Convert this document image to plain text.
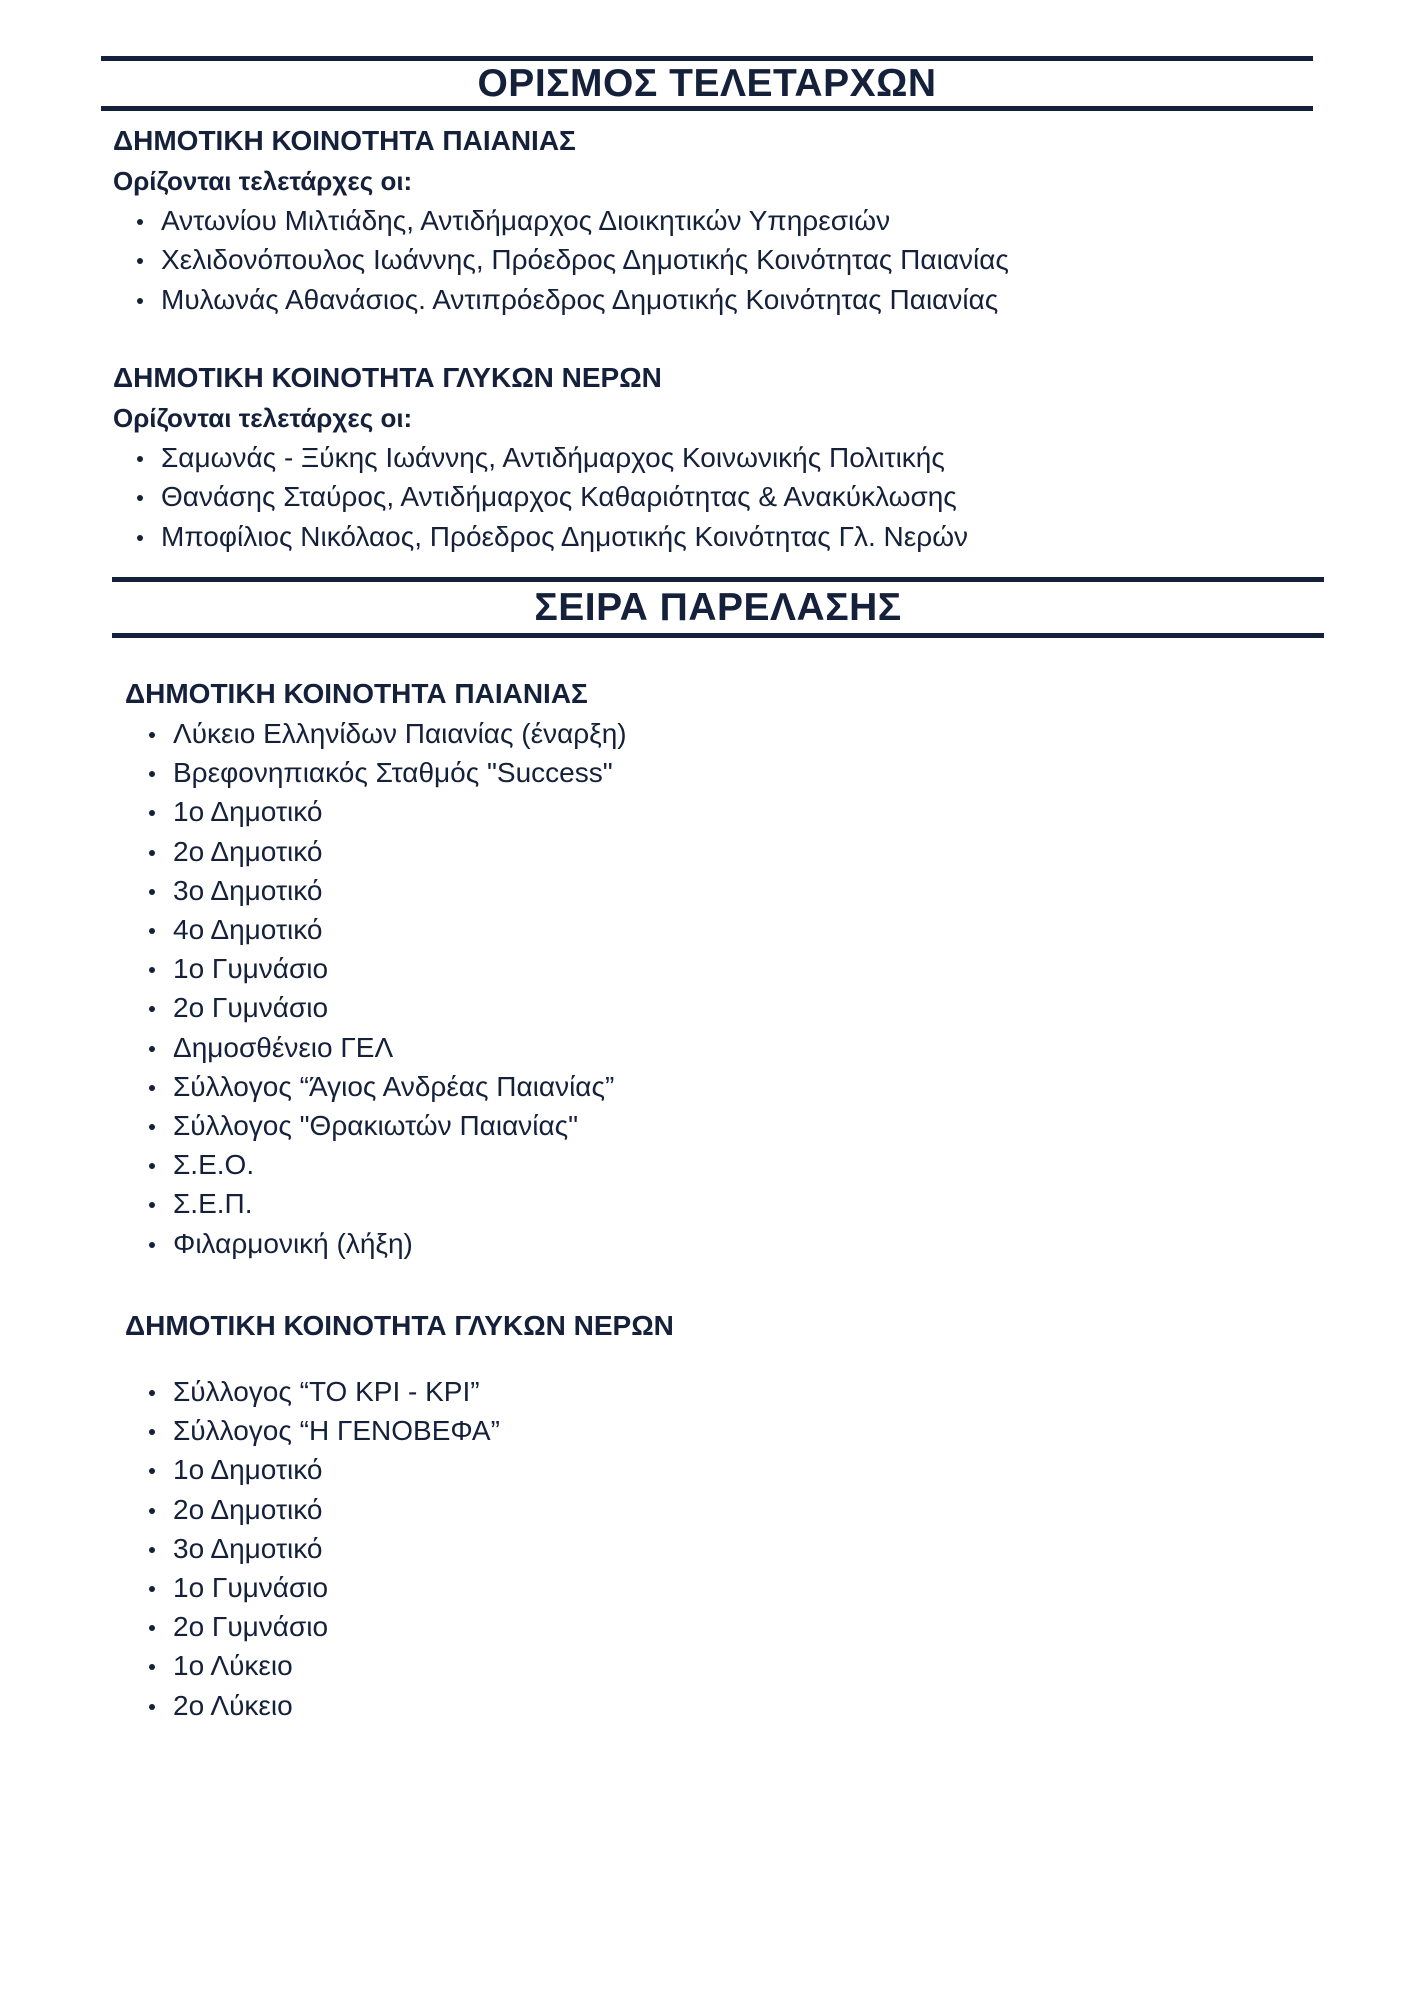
ΟΡΙΣΜΟΣ ΤΕΛΕΤΑΡΧΩΝ

ΔΗΜΟΤΙΚΗ ΚΟΙΝΟΤΗΤΑ ΠΑΙΑΝΙΑΣ

Ορίζονται τελετάρχες οι:

Αντωνίου Μιλτιάδης, Αντιδήμαρχος Διοικητικών Υπηρεσιών
Χελιδονόπουλος Ιωάννης, Πρόεδρος Δημοτικής Κοινότητας Παιανίας
Μυλωνάς Αθανάσιος. Αντιπρόεδρος Δημοτικής Κοινότητας Παιανίας

ΔΗΜΟΤΙΚΗ ΚΟΙΝΟΤΗΤΑ ΓΛΥΚΩΝ ΝΕΡΩΝ

Ορίζονται τελετάρχες οι:

Σαμωνάς - Ξύκης Ιωάννης, Αντιδήμαρχος Κοινωνικής Πολιτικής
Θανάσης Σταύρος, Αντιδήμαρχος Καθαριότητας & Ανακύκλωσης
Μποφίλιος Νικόλαος, Πρόεδρος Δημοτικής Κοινότητας Γλ. Νερών
ΣΕΙΡΑ ΠΑΡΕΛΑΣΗΣ

ΔΗΜΟΤΙΚΗ ΚΟΙΝΟΤΗΤΑ ΠΑΙΑΝΙΑΣ

Λύκειο Ελληνίδων Παιανίας (έναρξη)
Βρεφονηπιακός Σταθμός "Success"
1ο Δημοτικό
2ο Δημοτικό
3ο Δημοτικό
4ο Δημοτικό
1ο Γυμνάσιο
2ο Γυμνάσιο
Δημοσθένειο ΓΕΛ
Σύλλογος “Άγιος Ανδρέας Παιανίας”
Σύλλογος "Θρακιωτών Παιανίας"
Σ.Ε.Ο.
Σ.Ε.Π.
Φιλαρμονική (λήξη)

ΔΗΜΟΤΙΚΗ ΚΟΙΝΟΤΗΤΑ ΓΛΥΚΩΝ ΝΕΡΩΝ

Σύλλογος “ΤΟ ΚΡΙ - ΚΡΙ”
Σύλλογος “Η ΓΕΝΟΒΕΦΑ”
1ο Δημοτικό
2ο Δημοτικό
3ο Δημοτικό
1ο Γυμνάσιο
2ο Γυμνάσιο
1ο Λύκειο
2ο Λύκειο
